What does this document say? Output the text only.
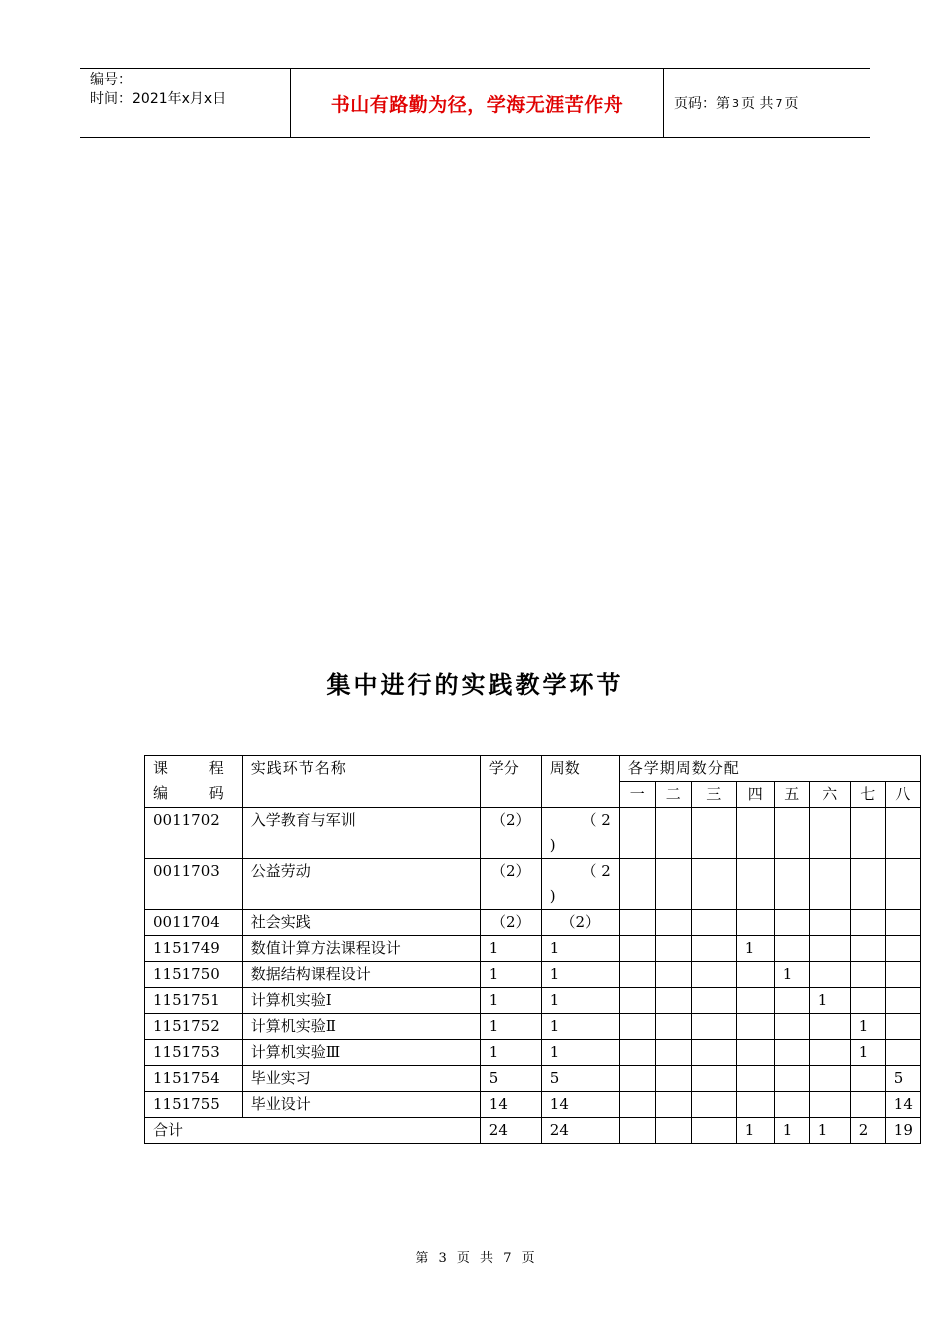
编号：
时间：2021年x月x日	书山有路勤为径，学海无涯苦作舟	页码：第 3 页 共 7 页
集中进行的实践教学环节
课 程
编 码	实践环节名称	学分	周数	各学期周数分配							
				一	二	三	四	五	六	七	八
0011702	入学教育与军训	（2）	（ 2
)								

0011703	公益劳动	（2）	（ 2
)								

0011704	社会实践	（2）	（2）								
1151749	数值计算方法课程设计	1	1				1				
1151750	数据结构课程设计	1	1					1			
1151751	计算机实验Ⅰ	1	1						1		
1151752	计算机实验Ⅱ	1	1							1	
1151753	计算机实验Ⅲ	1	1							1	
1151754	毕业实习	5	5								5
1151755	毕业设计	14	14								14
合计		24	24				1	1	1	2	19
第 3 页 共 7 页
